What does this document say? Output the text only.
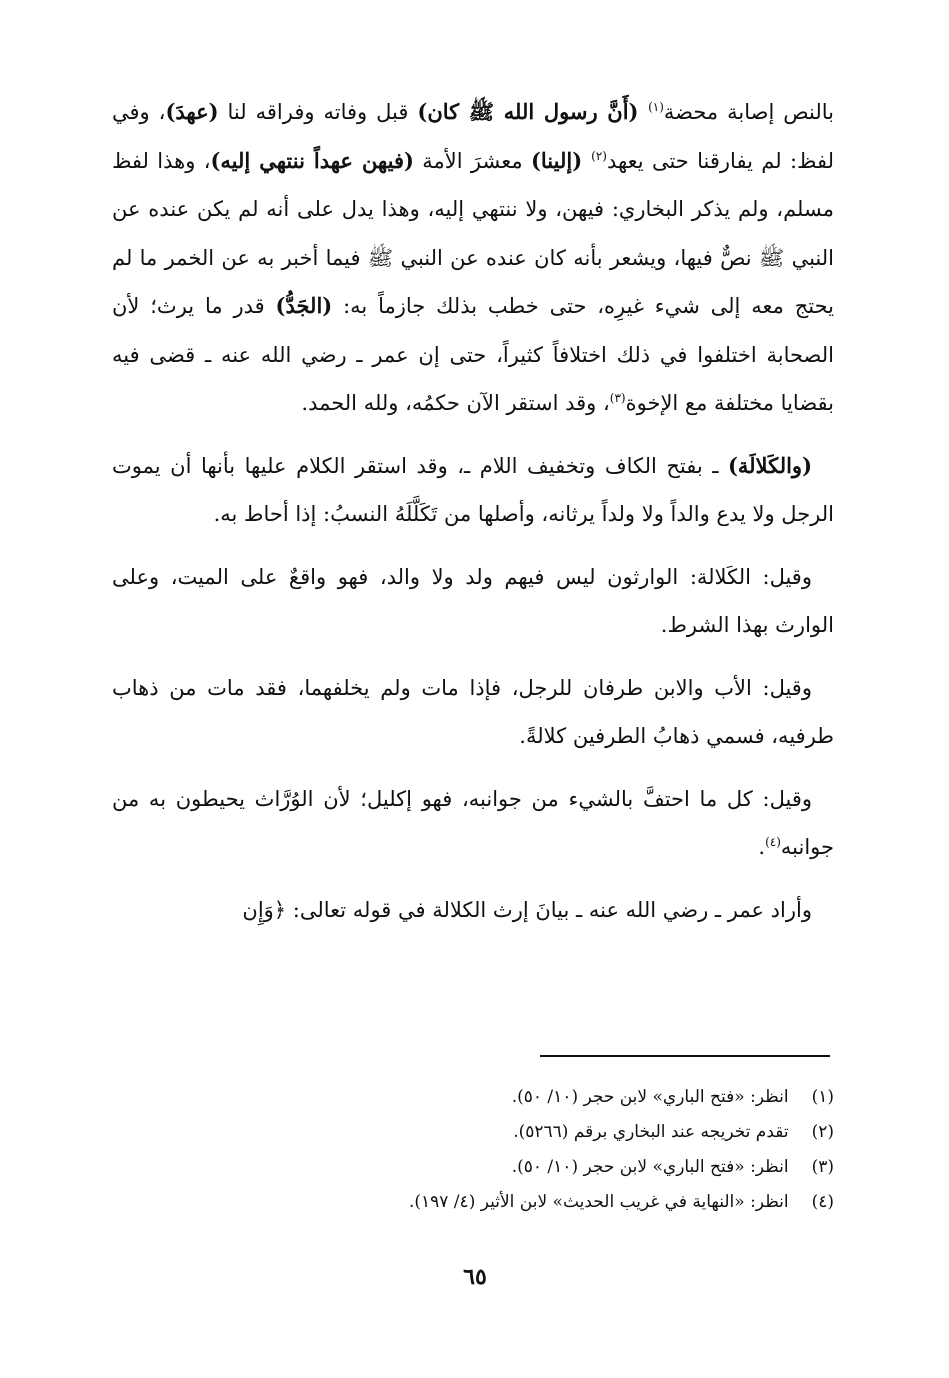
بالنص إصابة محضة$^{(١)}$ (أَنَّ رسول الله ﷺ كان) قبل وفاته وفراقه لنا (عهدَ)، وفي لفظ: لم يفارقنا حتى يعهد$^{(٢)}$ (إلينا) معشرَ الأمة (فيهن عهداً ننتهي إليه)، وهذا لفظ مسلم، ولم يذكر البخاري: فيهن، ولا ننتهي إليه، وهذا يدل على أنه لم يكن عنده عن النبي ﷺ نصٌّ فيها، ويشعر بأنه كان عنده عن النبي ﷺ فيما أخبر به عن الخمر ما لم يحتج معه إلى شيء غيرِه، حتى خطب بذلك جازماً به: (الجَدُّ) قدر ما يرث؛ لأن الصحابة اختلفوا في ذلك اختلافاً كثيراً، حتى إن عمر ـ رضي الله عنه ـ قضى فيه بقضايا مختلفة مع الإخوة$^{(٣)}$، وقد استقر الآن حكمُه، ولله الحمد.

(والكَلالَة) ـ بفتح الكاف وتخفيف اللام ـ، وقد استقر الكلام عليها بأنها أن يموت الرجل ولا يدع والداً ولا ولداً يرثانه، وأصلها من تَكَلَّلَهُ النسبُ: إذا أحاط به.

وقيل: الكَلالة: الوارثون ليس فيهم ولد ولا والد، فهو واقعٌ على الميت، وعلى الوارث بهذا الشرط.

وقيل: الأب والابن طرفان للرجل، فإذا مات ولم يخلفهما، فقد مات من ذهاب طرفيه، فسمي ذهابُ الطرفين كلالةً.

وقيل: كل ما احتفَّ بالشيء من جوانبه، فهو إكليل؛ لأن الوُرَّاث يحيطون به من جوانبه$^{(٤)}$.

وأراد عمر ـ رضي الله عنه ـ بيانَ إرث الكلالة في قوله تعالى: ﴿وَإِن

(١) انظر: «فتح الباري» لابن حجر (١٠/ ٥٠).
(٢) تقدم تخريجه عند البخاري برقم (٥٢٦٦).
(٣) انظر: «فتح الباري» لابن حجر (١٠/ ٥٠).
(٤) انظر: «النهاية في غريب الحديث» لابن الأثير (٤/ ١٩٧).
٦٥
